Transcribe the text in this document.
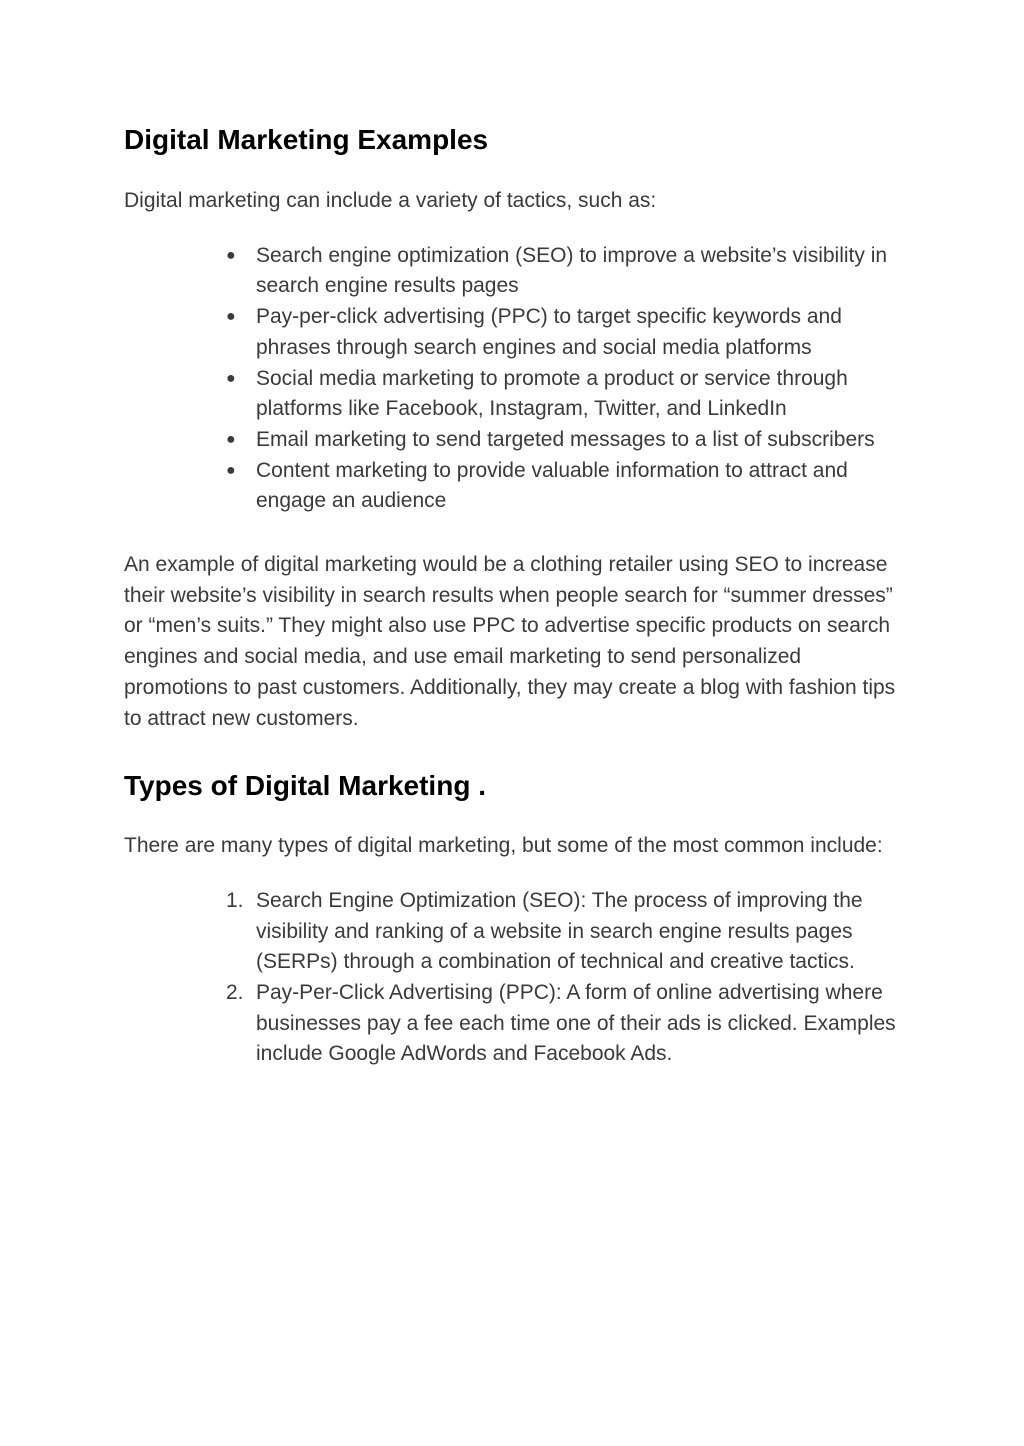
Digital Marketing Examples

Digital marketing can include a variety of tactics, such as:

● Search engine optimization (SEO) to improve a website’s visibility in search engine results pages
● Pay-per-click advertising (PPC) to target specific keywords and phrases through search engines and social media platforms
● Social media marketing to promote a product or service through platforms like Facebook, Instagram, Twitter, and LinkedIn
● Email marketing to send targeted messages to a list of subscribers
● Content marketing to provide valuable information to attract and engage an audience

An example of digital marketing would be a clothing retailer using SEO to increase their website’s visibility in search results when people search for “summer dresses” or “men’s suits.” They might also use PPC to advertise specific products on search engines and social media, and use email marketing to send personalized promotions to past customers. Additionally, they may create a blog with fashion tips to attract new customers.

Types of Digital Marketing .

There are many types of digital marketing, but some of the most common include:

1. Search Engine Optimization (SEO): The process of improving the visibility and ranking of a website in search engine results pages (SERPs) through a combination of technical and creative tactics.
2. Pay-Per-Click Advertising (PPC): A form of online advertising where businesses pay a fee each time one of their ads is clicked. Examples include Google AdWords and Facebook Ads.
